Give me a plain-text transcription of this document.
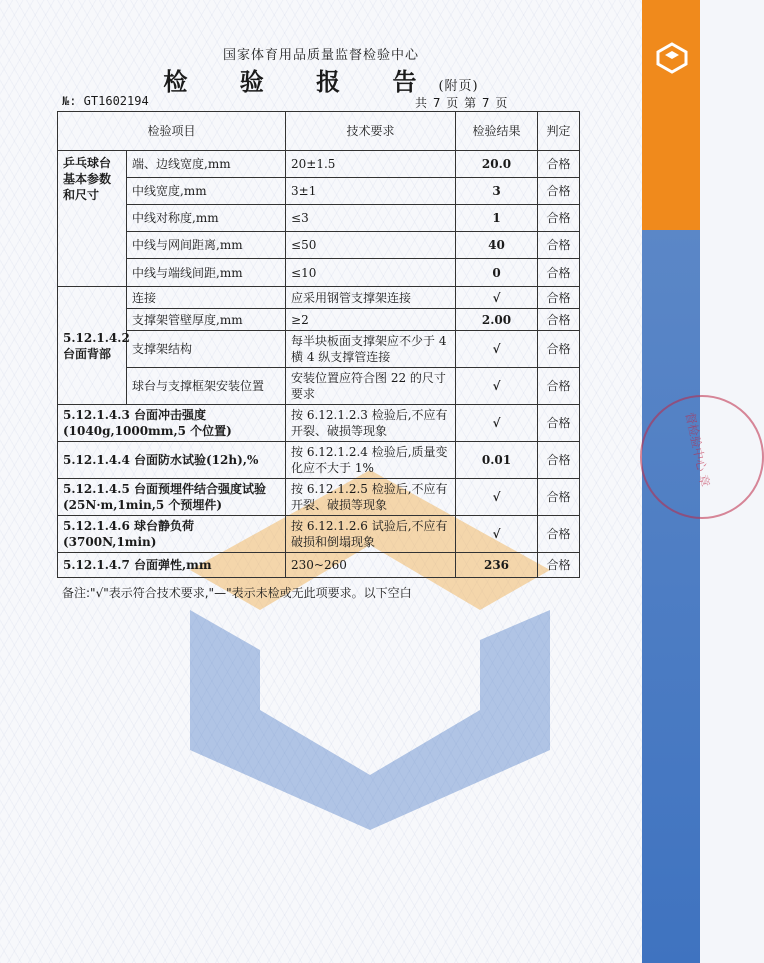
督检验中心 章
国家体育用品质量监督检验中心
检 验 报 告(附页)
№: GT1602194	共 7 页 第 7 页
检验项目		技术要求	检验结果	判定
乒乓球台基本参数和尺寸	端、边线宽度,mm	20±1.5	20.0	合格
	中线宽度,mm	3±1	3	合格
	中线对称度,mm	≤3	1	合格
	中线与网间距离,mm	≤50	40	合格
	中线与端线间距,mm	≤10	0	合格
5.12.1.4.2 台面背部	连接	应采用钢管支撑架连接	√	合格
	支撑架管壁厚度,mm	≥2	2.00	合格
	支撑架结构	每半块板面支撑架应不少于 4 横 4 纵支撑管连接	√	合格
	球台与支撑框架安装位置	安装位置应符合图 22 的尺寸要求	√	合格
5.12.1.4.3 台面冲击强度(1040g,1000mm,5 个位置)		按 6.12.1.2.3 检验后,不应有开裂、破损等现象	√	合格
5.12.1.4.4 台面防水试验(12h),%		按 6.12.1.2.4 检验后,质量变化应不大于 1%	0.01	合格
5.12.1.4.5 台面预埋件结合强度试验(25N·m,1min,5 个预埋件)		按 6.12.1.2.5 检验后,不应有开裂、破损等现象	√	合格
5.12.1.4.6 球台静负荷(3700N,1min)		按 6.12.1.2.6 试验后,不应有破损和倒塌现象	√	合格
5.12.1.4.7 台面弹性,mm		230~260	236	合格
备注:"√"表示符合技术要求,"—"表示未检或无此项要求。以下空白
